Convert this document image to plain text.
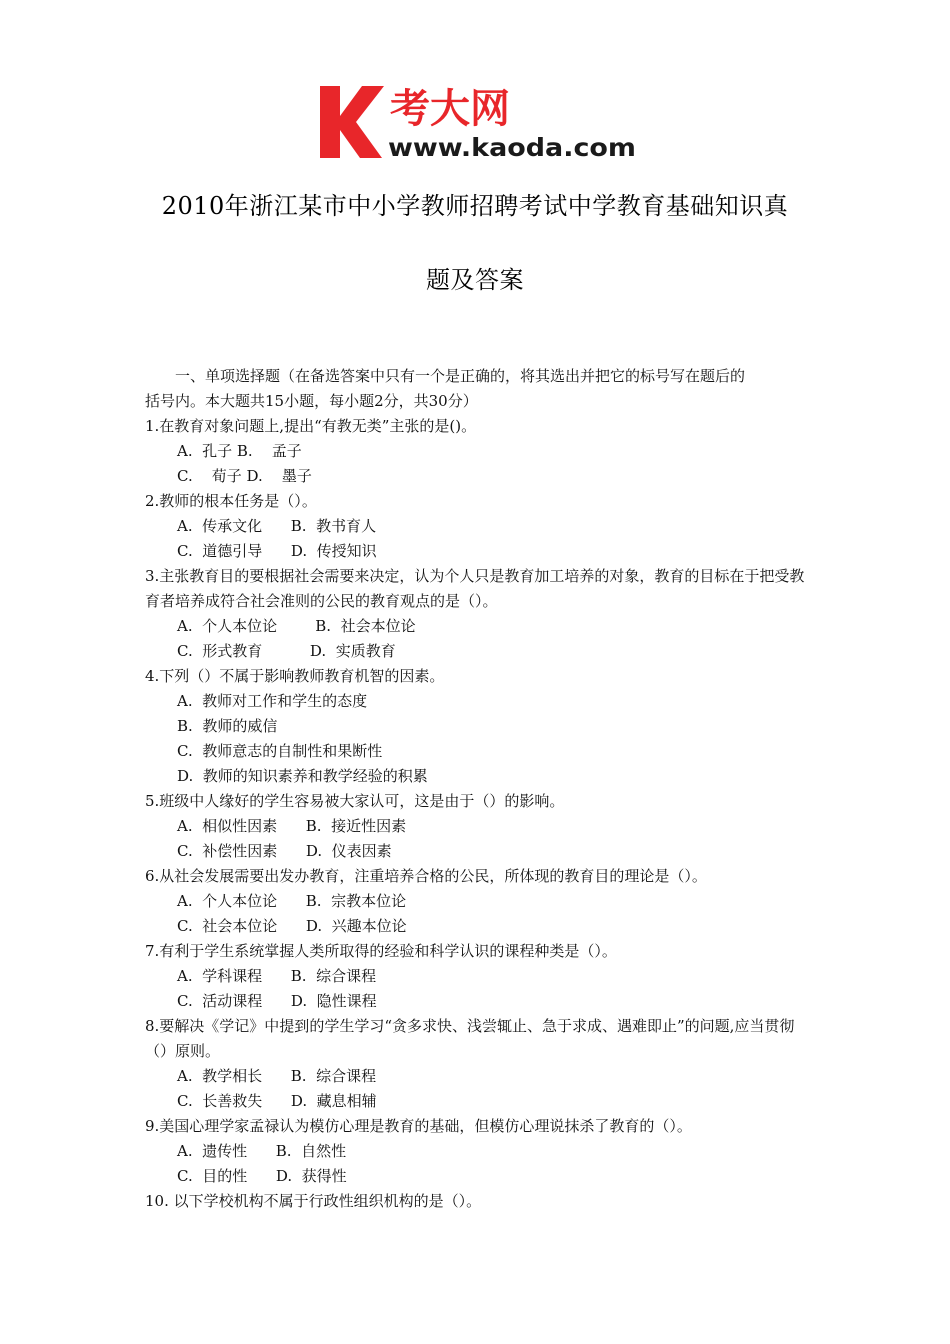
考大网
www.kaoda.com
2010年浙江某市中小学教师招聘考试中学教育基础知识真
题及答案

一、单项选择题（在备选答案中只有一个是正确的，将其选出并把它的标号写在题后的

括号内。本大题共15小题，每小题2分，共30分）

1.在教育对象问题上,提出“有教无类”主张的是()。

A.  孔子 B.    孟子

C.    荀子 D.    墨子

2.教师的根本任务是（）。

A.  传承文化      B.  教书育人

C.  道德引导      D.  传授知识

3.主张教育目的要根据社会需要来决定，认为个人只是教育加工培养的对象，教育的目标在于把受教育者培养成符合社会准则的公民的教育观点的是（）。

A.  个人本位论        B.  社会本位论

C.  形式教育          D.  实质教育

4.下列（）不属于影响教师教育机智的因素。

A.  教师对工作和学生的态度

B.  教师的威信

C.  教师意志的自制性和果断性

D.  教师的知识素养和教学经验的积累

5.班级中人缘好的学生容易被大家认可，这是由于（）的影响。

A.  相似性因素      B.  接近性因素

C.  补偿性因素      D.  仪表因素

6.从社会发展需要出发办教育，注重培养合格的公民，所体现的教育目的理论是（）。

A.  个人本位论      B.  宗教本位论

C.  社会本位论      D.  兴趣本位论

7.有利于学生系统掌握人类所取得的经验和科学认识的课程种类是（）。

A.  学科课程      B.  综合课程

C.  活动课程      D.  隐性课程

8.要解决《学记》中提到的学生学习“贪多求快、浅尝辄止、急于求成、遇难即止”的问题,应当贯彻（）原则。

A.  教学相长      B.  综合课程

C.  长善救失      D.  藏息相辅

9.美国心理学家孟禄认为模仿心理是教育的基础，但模仿心理说抹杀了教育的（）。

A.  遗传性      B.  自然性

C.  目的性      D.  获得性

10. 以下学校机构不属于行政性组织机构的是（）。
